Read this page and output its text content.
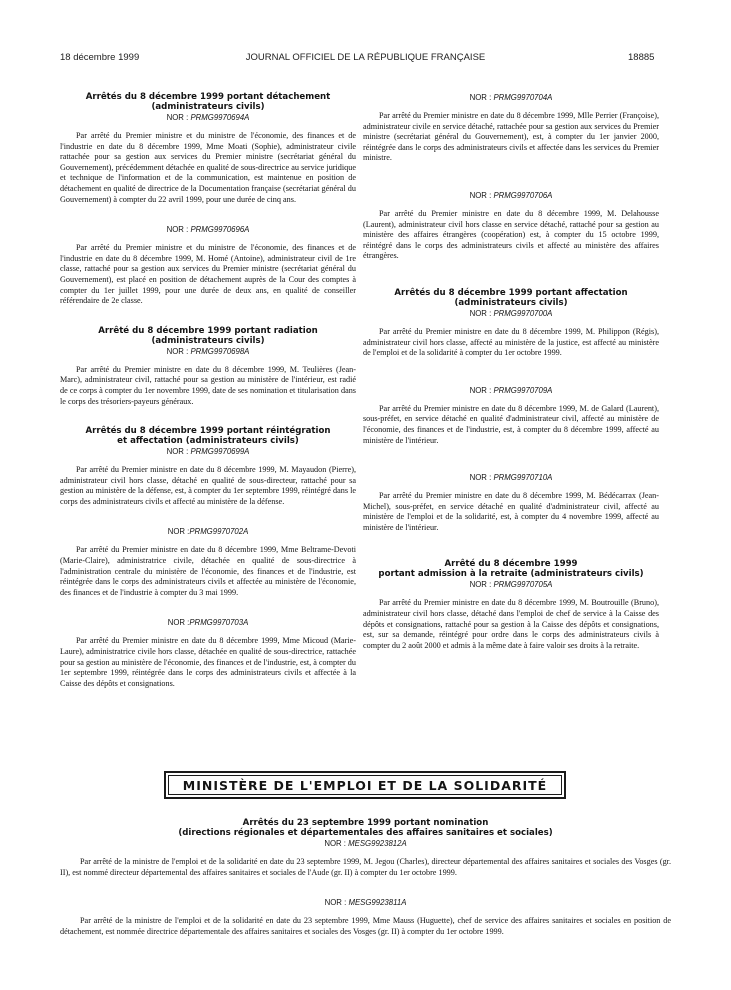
18 décembre 1999	JOURNAL OFFICIEL DE LA RÉPUBLIQUE FRANÇAISE	18885

Arrêtés du 8 décembre 1999 portant détachement
(administrateurs civils)

NOR : PRMG9970694A

Par arrêté du Premier ministre et du ministre de l'économie, des finances et de l'industrie en date du 8 décembre 1999, Mme Moati (Sophie), administrateur civile rattachée pour sa gestion aux services du Premier ministre (secrétariat général du Gouvernement), précédemment détachée en qualité de sous-directrice au service juridique et technique de l'information et de la communication, est maintenue en position de détachement en qualité de directrice de la Documentation française (secrétariat général du Gouvernement) à compter du 22 avril 1999, pour une durée de cinq ans.

NOR : PRMG9970696A

Par arrêté du Premier ministre et du ministre de l'économie, des finances et de l'industrie en date du 8 décembre 1999, M. Homé (Antoine), administrateur civil de 1re classe, rattaché pour sa gestion aux services du Premier ministre (secrétariat général du Gouvernement), est placé en position de détachement auprès de la Cour des comptes à compter du 1er juillet 1999, pour une durée de deux ans, en qualité de conseiller référendaire de 2e classe.

Arrêté du 8 décembre 1999 portant radiation
(administrateurs civils)

NOR : PRMG9970698A

Par arrêté du Premier ministre en date du 8 décembre 1999, M. Teulières (Jean-Marc), administrateur civil, rattaché pour sa gestion au ministère de l'intérieur, est radié de ce corps à compter du 1er novembre 1999, date de ses nomination et titularisation dans le corps des trésoriers-payeurs généraux.

Arrêtés du 8 décembre 1999 portant réintégration
et affectation (administrateurs civils)

NOR : PRMG9970699A

Par arrêté du Premier ministre en date du 8 décembre 1999, M. Mayaudon (Pierre), administrateur civil hors classe, détaché en qualité de sous-directeur, rattaché pour sa gestion au ministère de la défense, est, à compter du 1er septembre 1999, réintégré dans le corps des administrateurs civils et affecté au ministère de la défense.

NOR :PRMG9970702A

Par arrêté du Premier ministre en date du 8 décembre 1999, Mme Beltrame-Devoti (Marie-Claire), administratrice civile, détachée en qualité de sous-directrice à l'administration centrale du ministère de l'économie, des finances et de l'industrie, est réintégrée dans le corps des administrateurs civils et affectée au ministère de l'économie, des finances et de l'industrie à compter du 3 mai 1999.

NOR :PRMG9970703A

Par arrêté du Premier ministre en date du 8 décembre 1999, Mme Micoud (Marie-Laure), administratrice civile hors classe, détachée en qualité de sous-directrice, rattachée pour sa gestion au ministère de l'économie, des finances et de l'industrie, est, à compter du 1er septembre 1999, réintégrée dans le corps des administrateurs civils et affectée à la Caisse des dépôts et consignations.

NOR : PRMG9970704A

Par arrêté du Premier ministre en date du 8 décembre 1999, Mlle Perrier (Françoise), administrateur civile en service détaché, rattachée pour sa gestion aux services du Premier ministre (secrétariat général du Gouvernement), est, à compter du 1er janvier 2000, réintégrée dans le corps des administrateurs civils et affectée dans les services du Premier ministre.

NOR : PRMG9970706A

Par arrêté du Premier ministre en date du 8 décembre 1999, M. Delahousse (Laurent), administrateur civil hors classe en service détaché, rattaché pour sa gestion au ministère des affaires étrangères (coopération) est, à compter du 15 octobre 1999, réintégré dans le corps des administrateurs civils et affecté au ministère des affaires étrangères.

Arrêtés du 8 décembre 1999 portant affectation
(administrateurs civils)

NOR : PRMG9970700A

Par arrêté du Premier ministre en date du 8 décembre 1999, M. Philippon (Régis), administrateur civil hors classe, affecté au ministère de la justice, est affecté au ministère de l'emploi et de la solidarité à compter du 1er octobre 1999.

NOR : PRMG9970709A

Par arrêté du Premier ministre en date du 8 décembre 1999, M. de Galard (Laurent), sous-préfet, en service détaché en qualité d'administrateur civil, affecté au ministère de l'économie, des finances et de l'industrie, est, à compter du 8 décembre 1999, affecté au ministère de l'intérieur.

NOR : PRMG9970710A

Par arrêté du Premier ministre en date du 8 décembre 1999, M. Bédécarrax (Jean-Michel), sous-préfet, en service détaché en qualité d'administrateur civil, affecté au ministère de l'emploi et de la solidarité, est, à compter du 4 novembre 1999, affecté au ministère de l'intérieur.

Arrêté du 8 décembre 1999
portant admission à la retraite (administrateurs civils)

NOR : PRMG9970705A

Par arrêté du Premier ministre en date du 8 décembre 1999, M. Boutrouille (Bruno), administrateur civil hors classe, détaché dans l'emploi de chef de service à la Caisse des dépôts et consignations, rattaché pour sa gestion à la Caisse des dépôts et consignations, est, sur sa demande, réintégré pour ordre dans le corps des administrateurs civils à compter du 2 août 2000 et admis à la même date à faire valoir ses droits à la retraite.

MINISTÈRE DE L'EMPLOI ET DE LA SOLIDARITÉ

Arrêtés du 23 septembre 1999 portant nomination
(directions régionales et départementales des affaires sanitaires et sociales)

NOR : MESG9923812A

Par arrêté de la ministre de l'emploi et de la solidarité en date du 23 septembre 1999, M. Jegou (Charles), directeur départemental des affaires sanitaires et sociales des Vosges (gr. II), est nommé directeur départemental des affaires sanitaires et sociales de l'Aude (gr. II) à compter du 1er octobre 1999.

NOR : MESG9923811A

Par arrêté de la ministre de l'emploi et de la solidarité en date du 23 septembre 1999, Mme Mauss (Huguette), chef de service des affaires sanitaires et sociales en position de détachement, est nommée directrice départementale des affaires sanitaires et sociales des Vosges (gr. II) à compter du 1er octobre 1999.
